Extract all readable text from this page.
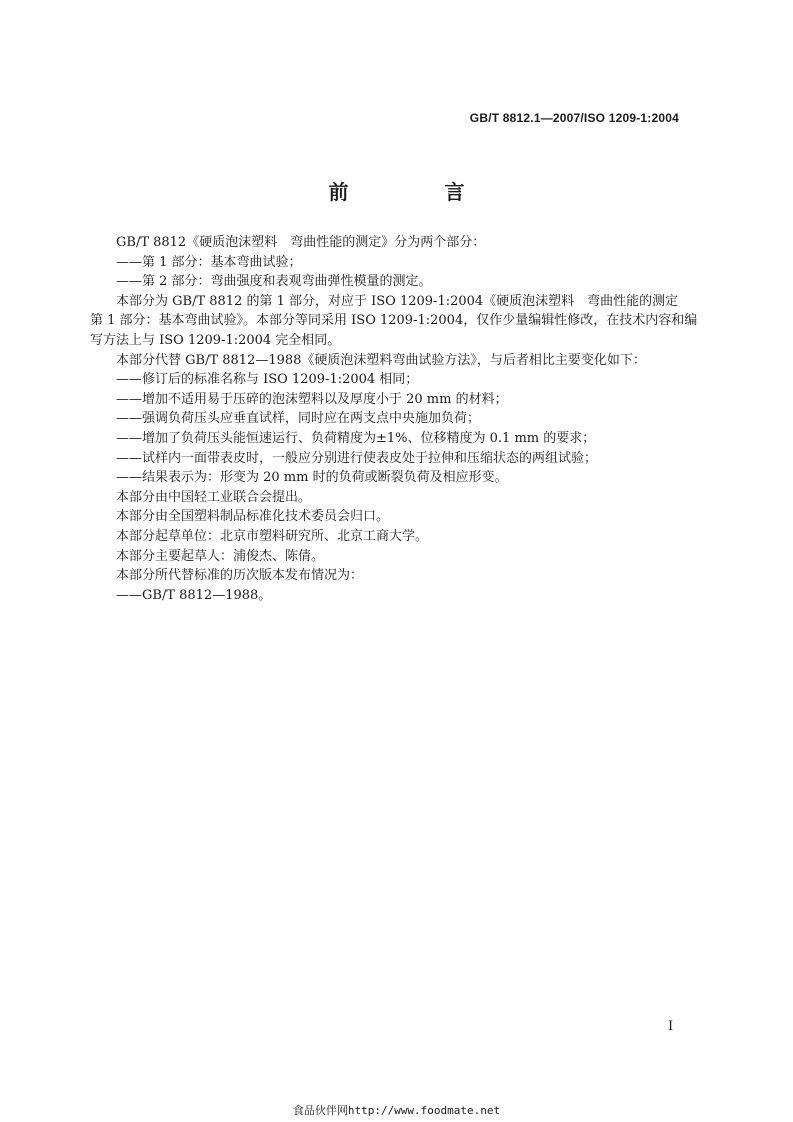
GB/T 8812.1—2007/ISO 1209-1:2004
前　言

GB/T 8812《硬质泡沫塑料　弯曲性能的测定》分为两个部分：

——第 1 部分：基本弯曲试验；

——第 2 部分：弯曲强度和表观弯曲弹性模量的测定。

本部分为 GB/T 8812 的第 1 部分，对应于 ISO 1209-1:2004《硬质泡沫塑料　弯曲性能的测定　第 1 部分：基本弯曲试验》。本部分等同采用 ISO 1209-1:2004，仅作少量编辑性修改，在技术内容和编写方法上与 ISO 1209-1:2004 完全相同。

本部分代替 GB/T 8812—1988《硬质泡沫塑料弯曲试验方法》，与后者相比主要变化如下：

——修订后的标准名称与 ISO 1209-1:2004 相同；

——增加不适用易于压碎的泡沫塑料以及厚度小于 20 mm 的材料；

——强调负荷压头应垂直试样，同时应在两支点中央施加负荷；

——增加了负荷压头能恒速运行、负荷精度为±1%、位移精度为 0.1 mm 的要求；

——试样内一面带表皮时，一般应分别进行使表皮处于拉伸和压缩状态的两组试验；

——结果表示为：形变为 20 mm 时的负荷或断裂负荷及相应形变。

本部分由中国轻工业联合会提出。

本部分由全国塑料制品标准化技术委员会归口。

本部分起草单位：北京市塑料研究所、北京工商大学。

本部分主要起草人：浦俊杰、陈倩。

本部分所代替标准的历次版本发布情况为：

——GB/T 8812—1988。

I
食品伙伴网http://www.foodmate.net
